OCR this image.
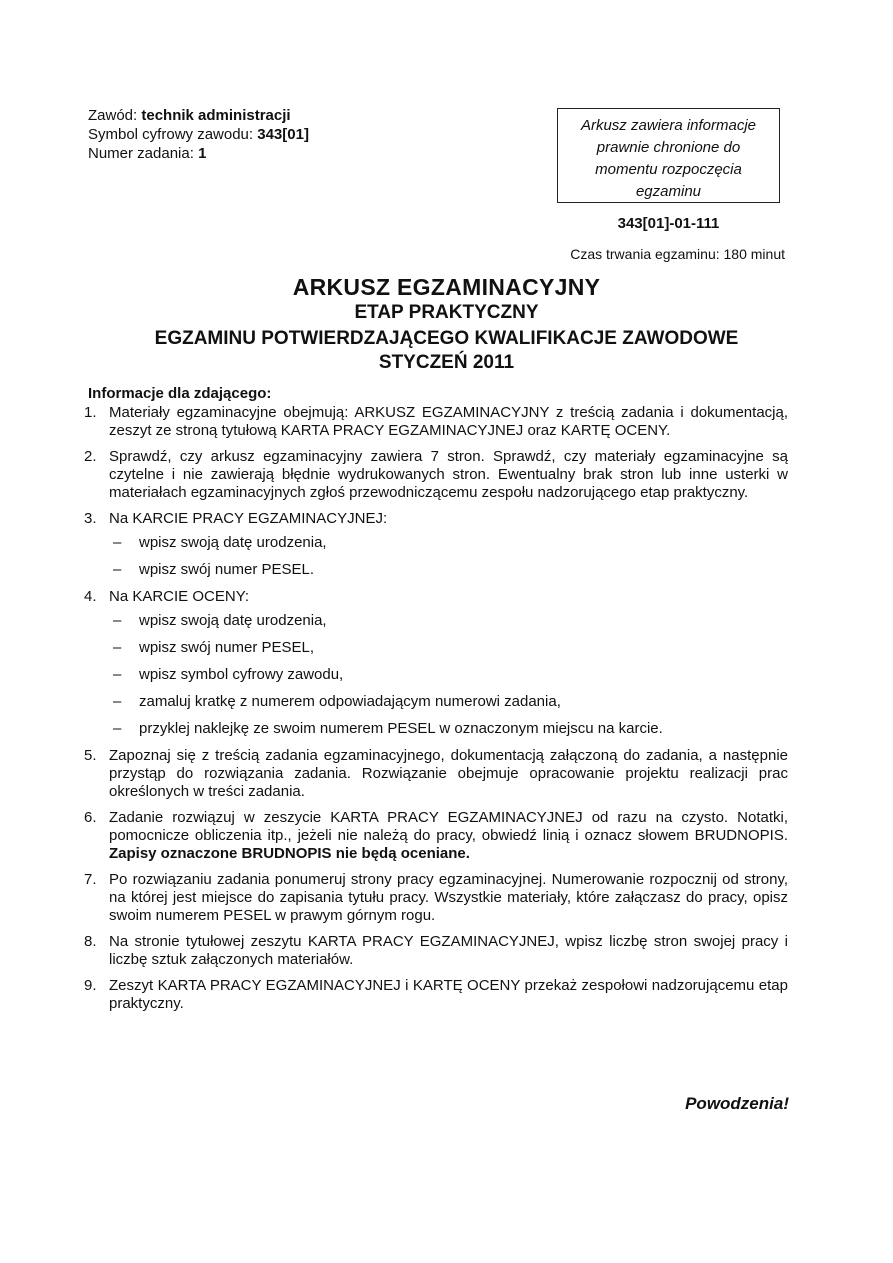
Zawód: technik administracji
Symbol cyfrowy zawodu: 343[01]
Numer zadania: 1
Arkusz zawiera informacje
prawnie chronione do
momentu rozpoczęcia
egzaminu
343[01]-01-111
Czas trwania egzaminu: 180 minut
ARKUSZ EGZAMINACYJNY
ETAP PRAKTYCZNY
EGZAMINU POTWIERDZAJĄCEGO KWALIFIKACJE ZAWODOWE
STYCZEŃ 2011
Informacje dla zdającego:
1. Materiały egzaminacyjne obejmują: ARKUSZ EGZAMINACYJNY z treścią zadania i dokumentacją, zeszyt ze stroną tytułową KARTA PRACY EGZAMINACYJNEJ oraz KARTĘ OCENY.
2. Sprawdź, czy arkusz egzaminacyjny zawiera 7 stron. Sprawdź, czy materiały egzaminacyjne są czytelne i nie zawierają błędnie wydrukowanych stron. Ewentualny brak stron lub inne usterki w materiałach egzaminacyjnych zgłoś przewodniczącemu zespołu nadzorującego etap praktyczny.
3. Na KARCIE PRACY EGZAMINACYJNEJ:
– wpisz swoją datę urodzenia,
– wpisz swój numer PESEL.
4. Na KARCIE OCENY:
– wpisz swoją datę urodzenia,
– wpisz swój numer PESEL,
– wpisz symbol cyfrowy zawodu,
– zamaluj kratkę z numerem odpowiadającym numerowi zadania,
– przyklej naklejkę ze swoim numerem PESEL w oznaczonym miejscu na karcie.
5. Zapoznaj się z treścią zadania egzaminacyjnego, dokumentacją załączoną do zadania, a następnie przystąp do rozwiązania zadania. Rozwiązanie obejmuje opracowanie projektu realizacji prac określonych w treści zadania.
6. Zadanie rozwiązuj w zeszycie KARTA PRACY EGZAMINACYJNEJ od razu na czysto. Notatki, pomocnicze obliczenia itp., jeżeli nie należą do pracy, obwiedź linią i oznacz słowem BRUDNOPIS. Zapisy oznaczone BRUDNOPIS nie będą oceniane.
7. Po rozwiązaniu zadania ponumeruj strony pracy egzaminacyjnej. Numerowanie rozpocznij od strony, na której jest miejsce do zapisania tytułu pracy. Wszystkie materiały, które załączasz do pracy, opisz swoim numerem PESEL w prawym górnym rogu.
8. Na stronie tytułowej zeszytu KARTA PRACY EGZAMINACYJNEJ, wpisz liczbę stron swojej pracy i liczbę sztuk załączonych materiałów.
9. Zeszyt KARTA PRACY EGZAMINACYJNEJ i KARTĘ OCENY przekaż zespołowi nadzorującemu etap praktyczny.
Powodzenia!
